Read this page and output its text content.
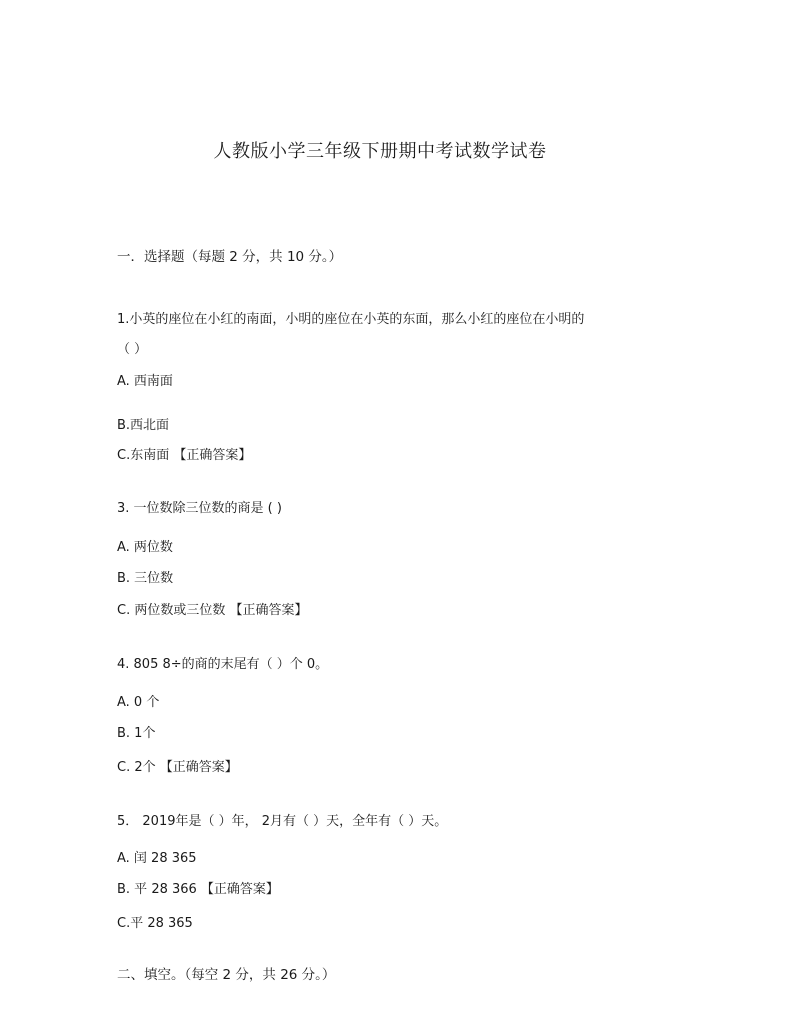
人教版小学三年级下册期中考试数学试卷
一．选择题（每题 2 分，共 10 分。）
1.小英的座位在小红的南面，小明的座位在小英的东面，那么小红的座位在小明的
（ ）
A. 西南面
B.西北面
C.东南面 【正确答案】
3. 一位数除三位数的商是 ( )
A. 两位数
B. 三位数
C. 两位数或三位数 【正确答案】
4. 805 8÷的商的末尾有（ ）个 0。
A. 0 个
B. 1个
C. 2个 【正确答案】
5． 2019年是（ ）年， 2月有（ ）天，全年有（ ）天。
A. 闰 28 365
B. 平 28 366 【正确答案】
C.平 28 365
二、填空。（每空 2 分，共 26 分。）
